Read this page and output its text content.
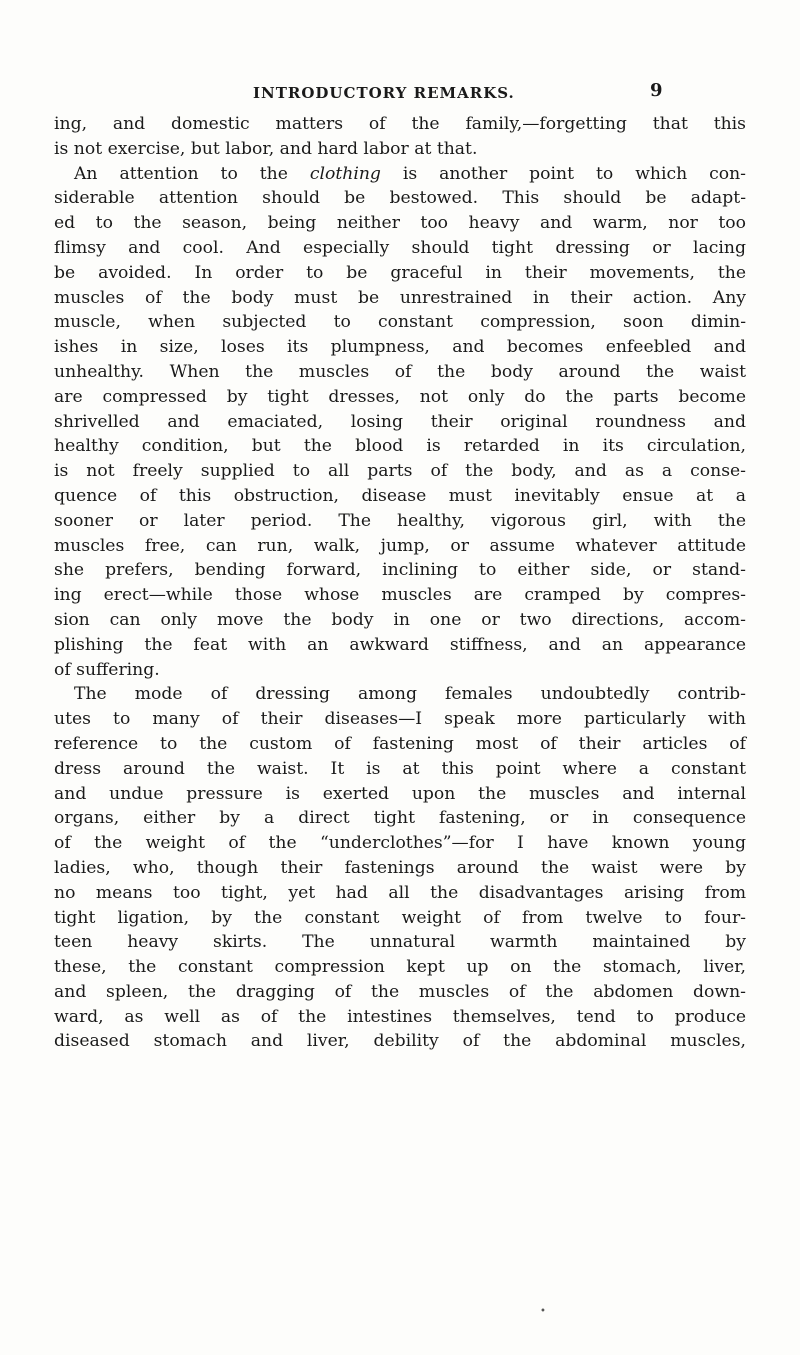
INTRODUCTORY REMARKS.	9
ing, and domestic matters of the family,—forgetting that this
is not exercise, but labor, and hard labor at that.
An attention to the clothing is another point to which con-
siderable attention should be bestowed. This should be adapt-
ed to the season, being neither too heavy and warm, nor too
flimsy and cool. And especially should tight dressing or lacing
be avoided. In order to be graceful in their movements, the
muscles of the body must be unrestrained in their action. Any
muscle, when subjected to constant compression, soon dimin-
ishes in size, loses its plumpness, and becomes enfeebled and
unhealthy. When the muscles of the body around the waist
are compressed by tight dresses, not only do the parts become
shrivelled and emaciated, losing their original roundness and
healthy condition, but the blood is retarded in its circulation,
is not freely supplied to all parts of the body, and as a conse-
quence of this obstruction, disease must inevitably ensue at a
sooner or later period. The healthy, vigorous girl, with the
muscles free, can run, walk, jump, or assume whatever attitude
she prefers, bending forward, inclining to either side, or stand-
ing erect—while those whose muscles are cramped by compres-
sion can only move the body in one or two directions, accom-
plishing the feat with an awkward stiffness, and an appearance
of suffering.
The mode of dressing among females undoubtedly contrib-
utes to many of their diseases—I speak more particularly with
reference to the custom of fastening most of their articles of
dress around the waist. It is at this point where a constant
and undue pressure is exerted upon the muscles and internal
organs, either by a direct tight fastening, or in consequence
of the weight of the “underclothes”—for I have known young
ladies, who, though their fastenings around the waist were by
no means too tight, yet had all the disadvantages arising from
tight ligation, by the constant weight of from twelve to four-
teen heavy skirts. The unnatural warmth maintained by
these, the constant compression kept up on the stomach, liver,
and spleen, the dragging of the muscles of the abdomen down-
ward, as well as of the intestines themselves, tend to produce
diseased stomach and liver, debility of the abdominal muscles,
•
